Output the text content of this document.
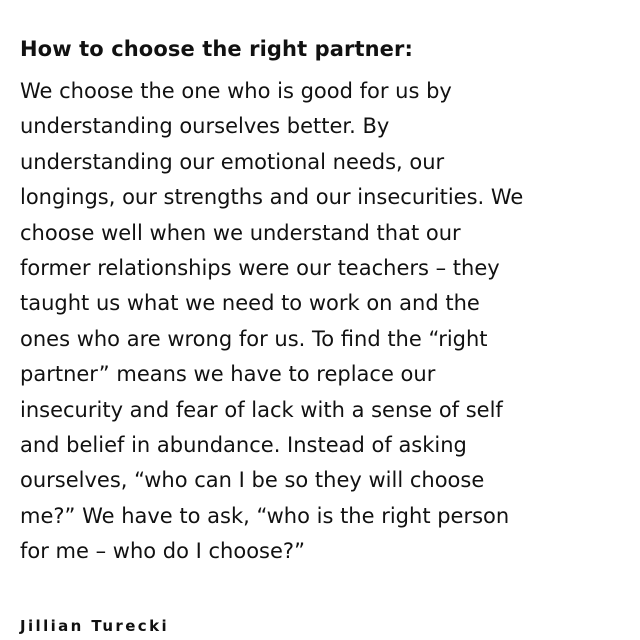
How to choose the right partner:
We choose the one who is good for us by
understanding ourselves better. By
understanding our emotional needs, our
longings, our strengths and our insecurities. We
choose well when we understand that our
former relationships were our teachers – they
taught us what we need to work on and the
ones who are wrong for us. To find the “right
partner” means we have to replace our
insecurity and fear of lack with a sense of self
and belief in abundance. Instead of asking
ourselves, “who can I be so they will choose
me?” We have to ask, “who is the right person
for me – who do I choose?”
Jillian Turecki
